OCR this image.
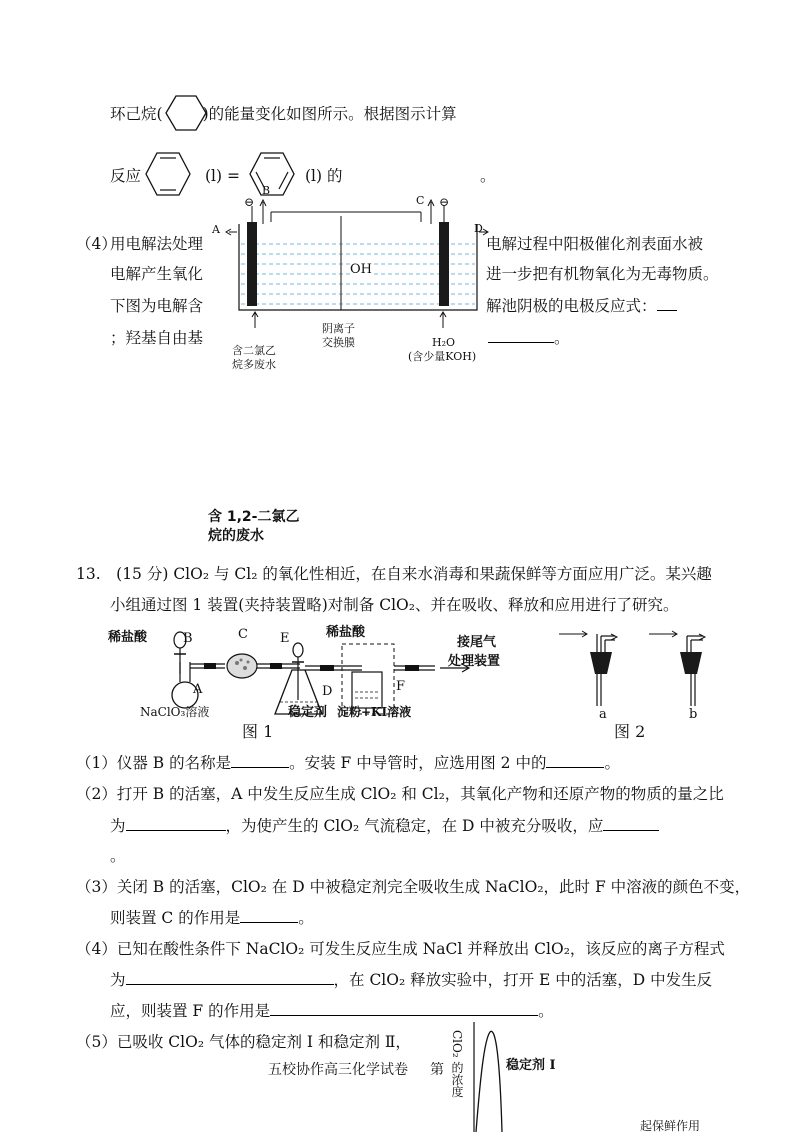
环己烷(	)的能量变化如图所示。根据图示计算
反应	(l) =	(l) 的	。
（4）
用电解法处理	电解过程中阳极催化剂表面水被
电解产生氧化	进一步把有机物氧化为无毒物质。
下图为电解含	解池阴极的电极反应式：
；羟基自由基	。
A
B
C
D
⊖	⊖
OH
阴离子
交换膜
含二氯乙
烷多废水
H₂O
(含少量KOH)
含 1,2-二氯乙
烷的废水
13.　(15 分) ClO₂ 与 Cl₂ 的氧化性相近，在自来水消毒和果蔬保鲜等方面应用广泛。某兴趣
小组通过图 1 装置(夹持装置略)对制备 ClO₂、并在吸收、释放和应用进行了研究。
稀盐酸	B	C E	稀盐酸
A	D	F
NaClO₃溶液	稳定剂 淀粉+KI溶液
接尾气
处理装置
图 1
a	b
图 2
（1）仪器 B 的名称是	。安装 F 中导管时，应选用图 2 中的	。
（2）打开 B 的活塞，A 中发生反应生成 ClO₂ 和 Cl₂，其氧化产物和还原产物的物质的量之比
为	，为使产生的 ClO₂ 气流稳定，在 D 中被充分吸收，应
。
（3）关闭 B 的活塞，ClO₂ 在 D 中被稳定剂完全吸收生成 NaClO₂，此时 F 中溶液的颜色不变，
则装置 C 的作用是	。
（4）已知在酸性条件下 NaClO₂ 可发生反应生成 NaCl 并释放出 ClO₂，该反应的离子方程式
为	，在 ClO₂ 释放实验中，打开 E 中的活塞，D 中发生反
应，则装置 F 的作用是	。
（5）已吸收 ClO₂ 气体的稳定剂 Ⅰ 和稳定剂 Ⅱ，	ClO₂ 的浓度	稳定剂 Ⅰ
起保鲜作用
五校协作高三化学试卷 第
